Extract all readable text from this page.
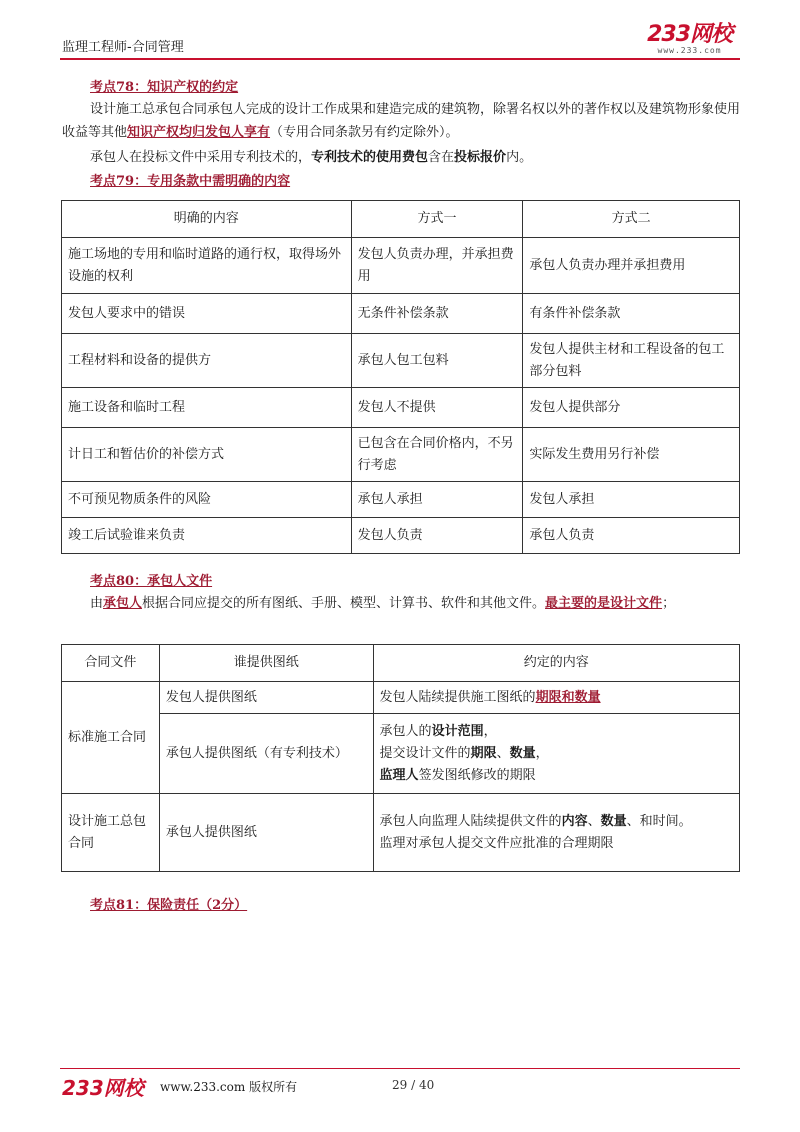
监理工程师-合同管理
233网校
www.233.com
考点78：知识产权的约定
设计施工总承包合同承包人完成的设计工作成果和建造完成的建筑物，除署名权以外的著作权以及建筑物形象使用收益等其他知识产权均归发包人享有（专用合同条款另有约定除外）。
承包人在投标文件中采用专利技术的，专利技术的使用费包含在投标报价内。
考点79：专用条款中需明确的内容
明确的内容	方式一	方式二
施工场地的专用和临时道路的通行权，取得场外设施的权利	发包人负责办理，并承担费用	承包人负责办理并承担费用
发包人要求中的错误	无条件补偿条款	有条件补偿条款
工程材料和设备的提供方	承包人包工包料	发包人提供主材和工程设备的包工部分包料
施工设备和临时工程	发包人不提供	发包人提供部分
计日工和暂估价的补偿方式	已包含在合同价格内，不另行考虑	实际发生费用另行补偿
不可预见物质条件的风险	承包人承担	发包人承担
竣工后试验谁来负责	发包人负责	承包人负责
考点80：承包人文件
由承包人根据合同应提交的所有图纸、手册、模型、计算书、软件和其他文件。最主要的是设计文件；
合同文件	谁提供图纸	约定的内容
标准施工合同	发包人提供图纸	发包人陆续提供施工图纸的期限和数量
	承包人提供图纸（有专利技术）	承包人的设计范围，
提交设计文件的期限、数量，
监理人签发图纸修改的期限

设计施工总包合同	承包人提供图纸	承包人向监理人陆续提供文件的内容、数量、和时间。
监理对承包人提交文件应批准的合理期限
考点81：保险责任（2分）
233网校 www.233.com 版权所有	29 / 40
